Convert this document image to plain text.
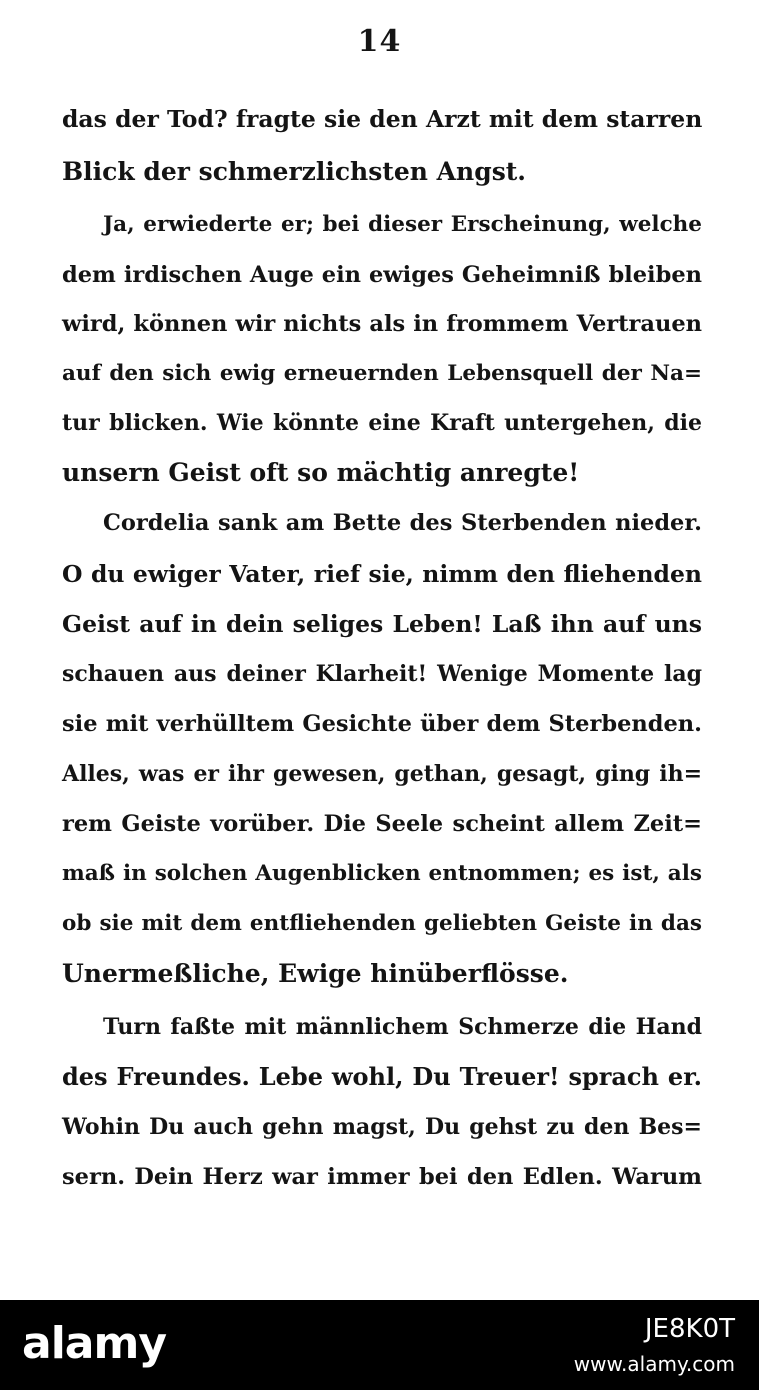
14
das der Tod? fragte sie den Arzt mit dem starren
Blick der schmerzlichsten Angst.
Ja, erwiederte er; bei dieser Erscheinung, welche
dem irdischen Auge ein ewiges Geheimniß bleiben
wird, können wir nichts als in frommem Vertrauen
auf den sich ewig erneuernden Lebensquell der Na=
tur blicken. Wie könnte eine Kraft untergehen, die
unsern Geist oft so mächtig anregte!
Cordelia sank am Bette des Sterbenden nieder.
O du ewiger Vater, rief sie, nimm den fliehenden
Geist auf in dein seliges Leben! Laß ihn auf uns
schauen aus deiner Klarheit! Wenige Momente lag
sie mit verhülltem Gesichte über dem Sterbenden.
Alles, was er ihr gewesen, gethan, gesagt, ging ih=
rem Geiste vorüber. Die Seele scheint allem Zeit=
maß in solchen Augenblicken entnommen; es ist, als
ob sie mit dem entfliehenden geliebten Geiste in das
Unermeßliche, Ewige hinüberflösse.
Turn faßte mit männlichem Schmerze die Hand
des Freundes. Lebe wohl, Du Treuer! sprach er.
Wohin Du auch gehn magst, Du gehst zu den Bes=
sern. Dein Herz war immer bei den Edlen. Warum
alamy	JE8K0T
www.alamy.com
